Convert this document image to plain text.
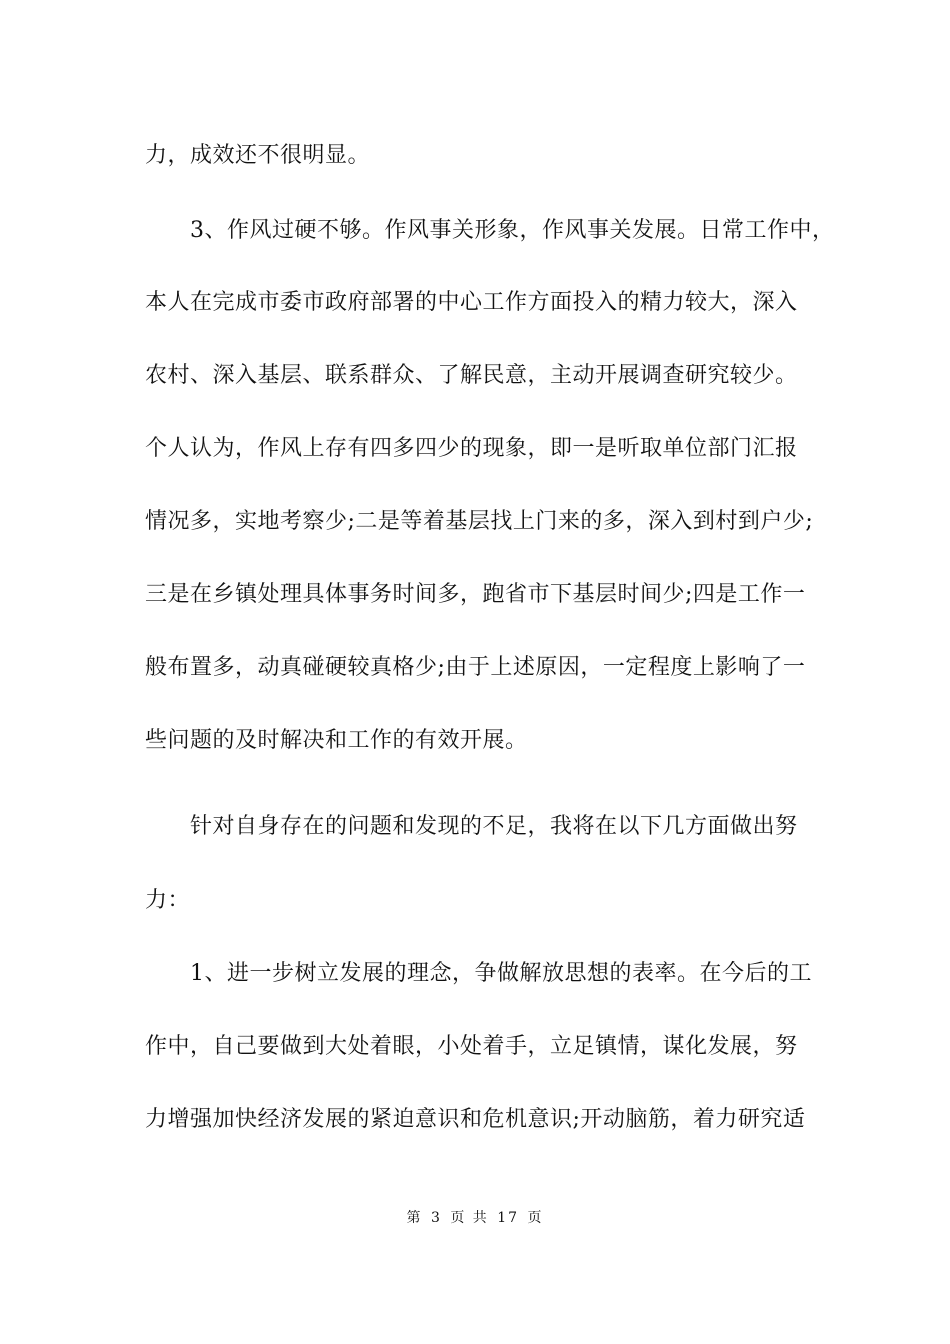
力，成效还不很明显。
3、作风过硬不够。作风事关形象，作风事关发展。日常工作中，
本人在完成市委市政府部署的中心工作方面投入的精力较大，深入
农村、深入基层、联系群众、了解民意，主动开展调查研究较少。
个人认为，作风上存有四多四少的现象，即一是听取单位部门汇报
情况多，实地考察少;二是等着基层找上门来的多，深入到村到户少;
三是在乡镇处理具体事务时间多，跑省市下基层时间少;四是工作一
般布置多，动真碰硬较真格少;由于上述原因，一定程度上影响了一
些问题的及时解决和工作的有效开展。
针对自身存在的问题和发现的不足，我将在以下几方面做出努
力：
1、进一步树立发展的理念，争做解放思想的表率。在今后的工
作中，自己要做到大处着眼，小处着手，立足镇情，谋化发展，努
力增强加快经济发展的紧迫意识和危机意识;开动脑筋，着力研究适
第 3 页 共 17 页
